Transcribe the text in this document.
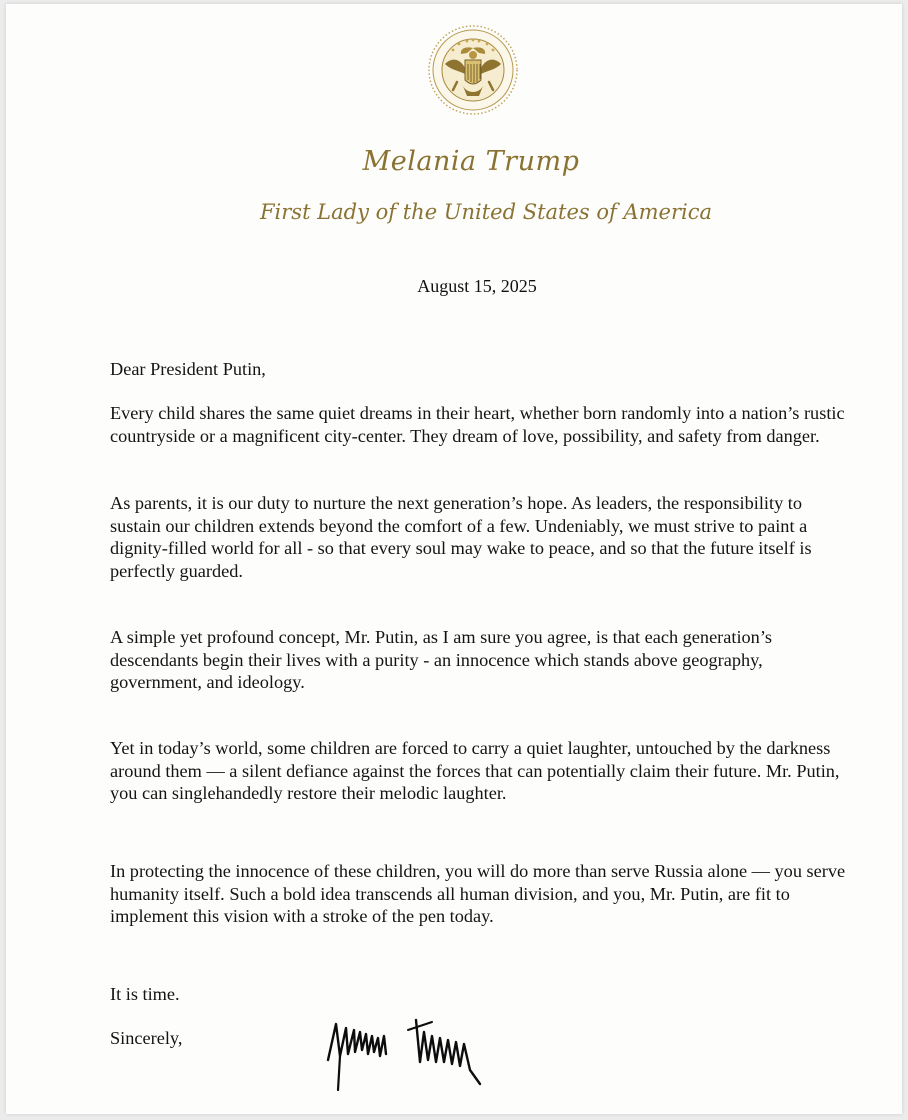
Melania Trump
First Lady of the United States of America
August 15, 2025

Dear President Putin,

Every child shares the same quiet dreams in their heart, whether born randomly into a nation’s rustic countryside or a magnificent city-center. They dream of love, possibility, and safety from danger.

As parents, it is our duty to nurture the next generation’s hope. As leaders, the responsibility to sustain our children extends beyond the comfort of a few. Undeniably, we must strive to paint a dignity-filled world for all - so that every soul may wake to peace, and so that the future itself is perfectly guarded.

A simple yet profound concept, Mr. Putin, as I am sure you agree, is that each generation’s descendants begin their lives with a purity - an innocence which stands above geography, government, and ideology.

Yet in today’s world, some children are forced to carry a quiet laughter, untouched by the darkness around them — a silent defiance against the forces that can potentially claim their future. Mr. Putin, you can singlehandedly restore their melodic laughter.

In protecting the innocence of these children, you will do more than serve Russia alone — you serve humanity itself. Such a bold idea transcends all human division, and you, Mr. Putin, are fit to implement this vision with a stroke of the pen today.

It is time.

Sincerely,
